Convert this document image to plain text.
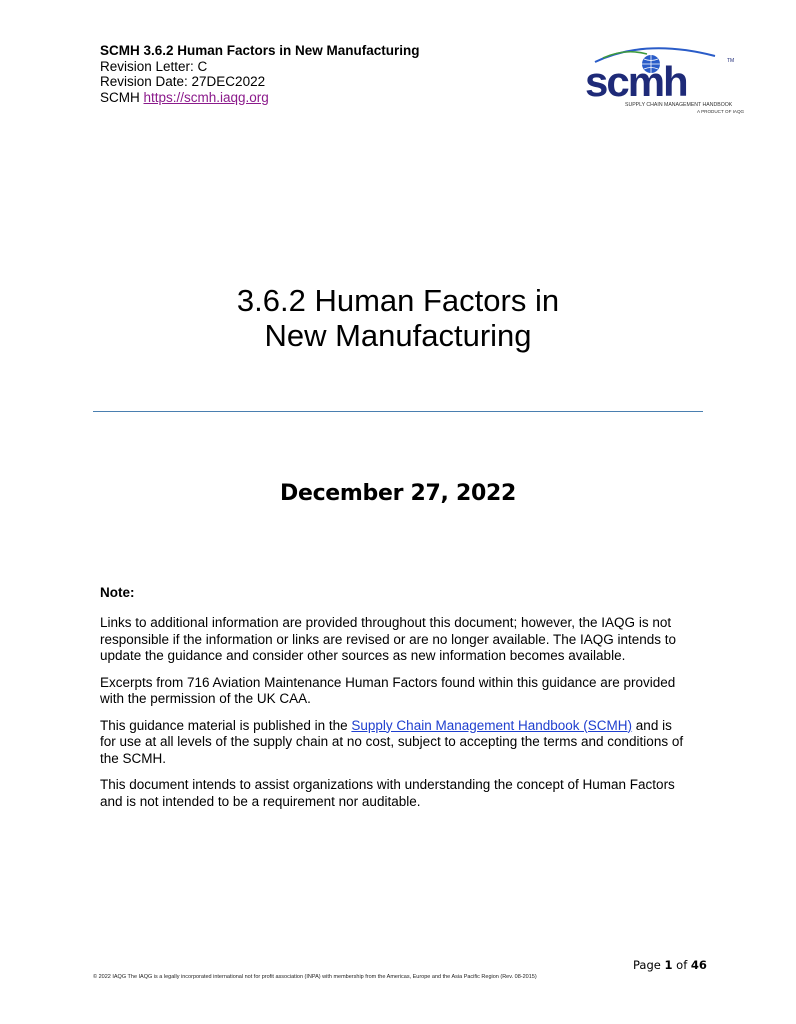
SCMH 3.6.2 Human Factors in New Manufacturing
Revision Letter: C
Revision Date: 27DEC2022
SCMH https://scmh.iaqg.org	scmh	TM
SUPPLY CHAIN MANAGEMENT HANDBOOK
A PRODUCT OF IAQG
3.6.2 Human Factors in
New Manufacturing
December 27, 2022
Note:

Links to additional information are provided throughout this document; however, the IAQG is not responsible if the information or links are revised or are no longer available. The IAQG intends to update the guidance and consider other sources as new information becomes available.

Excerpts from 716 Aviation Maintenance Human Factors found within this guidance are provided with the permission of the UK CAA.

This guidance material is published in the Supply Chain Management Handbook (SCMH) and is for use at all levels of the supply chain at no cost, subject to accepting the terms and conditions of the SCMH.

This document intends to assist organizations with understanding the concept of Human Factors and is not intended to be a requirement nor auditable.

Page 1 of 46
© 2022 IAQG The IAQG is a legally incorporated international not for profit association (INPA) with membership from the Americas, Europe and the Asia Pacific Region (Rev. 08-2015)
